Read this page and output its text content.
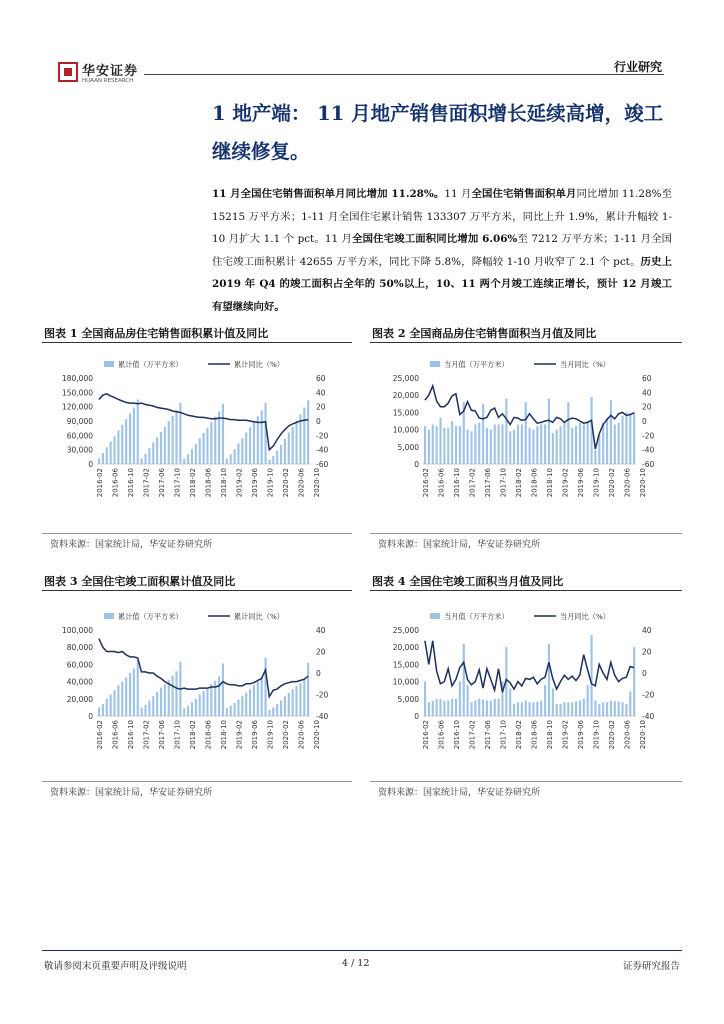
华安证券
HUAAN RESEARCH
行业研究
1 地产端： 11 月地产销售面积增长延续高增，竣工继续修复。
11 月全国住宅销售面积单月同比增加 11.28%。11 月全国住宅销售面积单月同比增加 11.28%至 15215 万平方米；1-11 月全国住宅累计销售 133307 万平方米，同比上升 1.9%，累计升幅较 1-10 月扩大 1.1 个 pct。11 月全国住宅竣工面积同比增加 6.06%至 7212 万平方米；1-11 月全国住宅竣工面积累计 42655 万平方米，同比下降 5.8%，降幅较 1-10 月收窄了 2.1 个 pct。历史上 2019 年 Q4 的竣工面积占全年的 50%以上，10、11 两个月竣工连续正增长，预计 12 月竣工有望继续向好。
图表 1 全国商品房住宅销售面积累计值及同比	图表 2 全国商品房住宅销售面积当月值及同比
图表 3 全国住宅竣工面积累计值及同比	图表 4 全国住宅竣工面积当月值及同比
累计值（万平方米）	累计同比（%）
180,000
150,000
120,000
90,000
60,000
30,000
0
60
40
20
0
-20
-40
-60
2016-02 2016-06 2016-10 2017-02 2017-06 2017-10 2018-02 2018-06 2018-10 2019-02 2019-06 2019-10 2020-02 2020-06 2020-10
当月值（万平方米）	当月同比（%）
25,000
20,000
15,000
10,000
5,000
0
60
40
20
0
-20
-40
-60
2016-02 2016-06 2016-10 2017-02 2017-06 2017-10 2018-02 2018-06 2018-10 2019-02 2019-06 2019-10 2020-02 2020-06 2020-10
累计值（万平方米）	累计同比（%）
100,000
80,000
60,000
40,000
20,000
0
40
20
0
-20
-40
2016-02 2016-06 2016-10 2017-02 2017-06 2017-10 2018-02 2018-06 2018-10 2019-02 2019-06 2019-10 2020-02 2020-06 2020-10
当月值（万平方米）	当月同比（%）
25,000
20,000
15,000
10,000
5,000
0
40
20
0
-20
-40
2016-02 2016-06 2016-10 2017-02 2017-06 2017-10 2018-02 2018-06 2018-10 2019-02 2019-06 2019-10 2020-02 2020-06 2020-10
资料来源：国家统计局，华安证券研究所	资料来源：国家统计局，华安证券研究所
资料来源：国家统计局，华安证券研究所	资料来源：国家统计局，华安证券研究所
敬请参阅末页重要声明及评级说明	4 / 12	证券研究报告
